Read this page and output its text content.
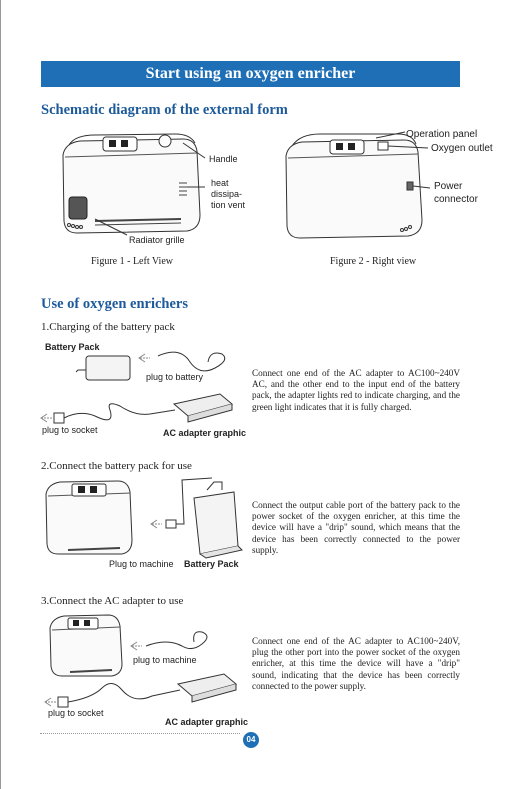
Start using an oxygen enricher
Schematic diagram of the external form
Handle
heat
dissipa-
tion vent
Radiator grille
Figure 1 - Left View
Operation panel
Oxygen outlet
Power
connector
Figure 2 - Right view
Use of oxygen enrichers
1.Charging of the battery pack
Battery Pack
plug to battery
plug to socket	AC adapter graphic
Connect one end of the AC adapter to AC100~240V AC, and the other end to the input end of the battery pack, the adapter lights red to indicate charging, and the green light indicates that it is fully charged.
2.Connect the battery pack for use
Plug to machine Battery Pack
Connect the output cable port of the battery pack to the power socket of the oxygen enricher, at this time the device will have a "drip" sound, which means that the device has been correctly connected to the power supply.
3.Connect the AC adapter to use
plug to machine
plug to socket
AC adapter graphic
Connect one end of the AC adapter to AC100~240V, plug the other port into the power socket of the oxygen enricher, at this time the device will have a "drip" sound, indicating that the device has been correctly connected to the power supply.
04
